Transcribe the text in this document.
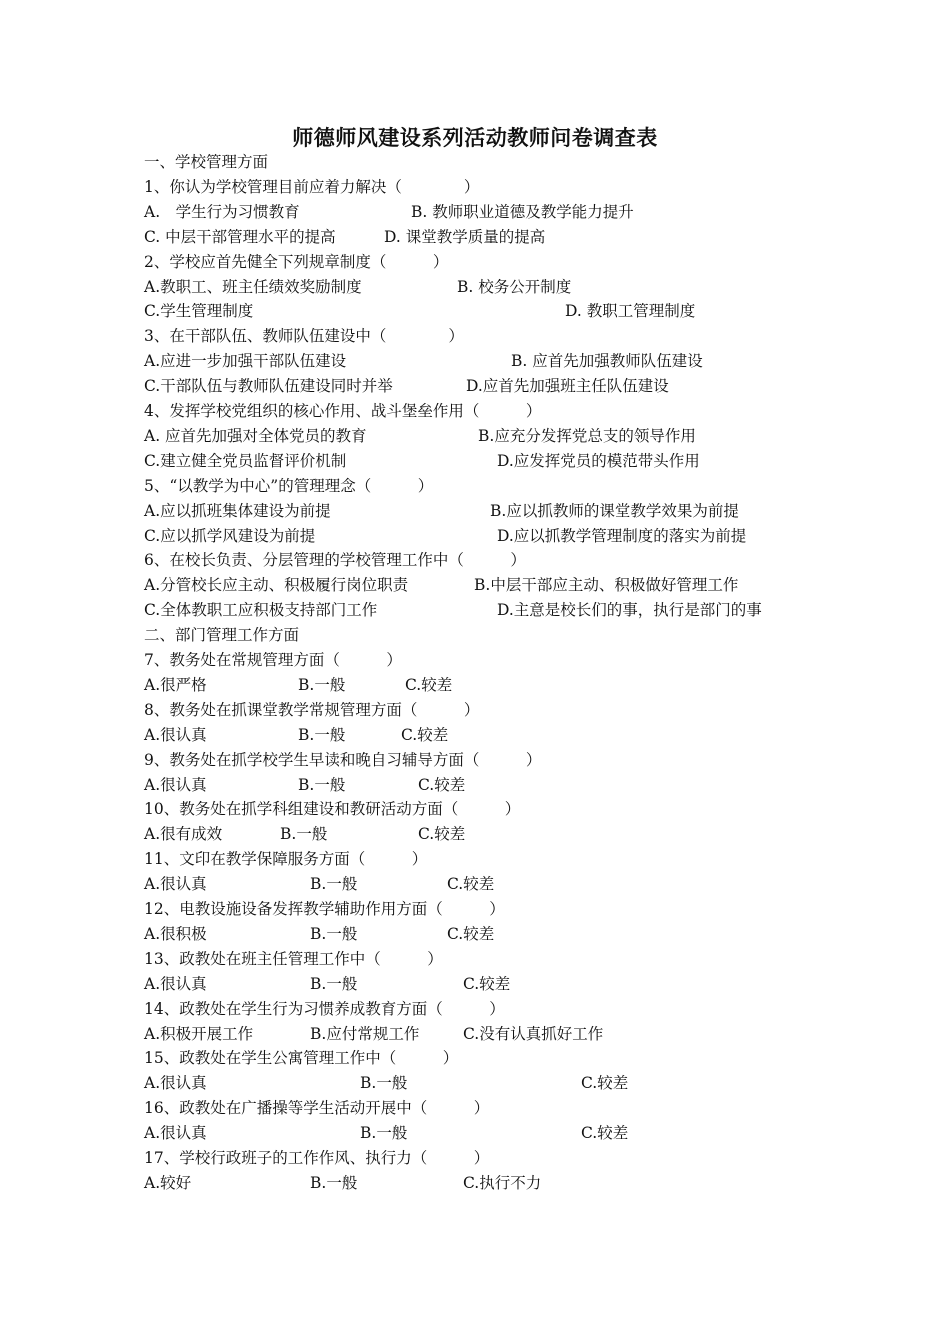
师德师风建设系列活动教师问卷调查表
一、学校管理方面
1、你认为学校管理目前应着力解决（　　　　）
A.　学生行为习惯教育	B. 教师职业道德及教学能力提升
C. 中层干部管理水平的提高	D. 课堂教学质量的提高
2、学校应首先健全下列规章制度（　　　）
A.教职工、班主任绩效奖励制度	B. 校务公开制度
C.学生管理制度	D. 教职工管理制度
3、在干部队伍、教师队伍建设中（　　　　）
A.应进一步加强干部队伍建设	B. 应首先加强教师队伍建设
C.干部队伍与教师队伍建设同时并举	D.应首先加强班主任队伍建设
4、发挥学校党组织的核心作用、战斗堡垒作用（　　　）
A. 应首先加强对全体党员的教育	B.应充分发挥党总支的领导作用
C.建立健全党员监督评价机制	D.应发挥党员的模范带头作用
5、“以教学为中心”的管理理念（　　　）
A.应以抓班集体建设为前提	B.应以抓教师的课堂教学效果为前提
C.应以抓学风建设为前提	D.应以抓教学管理制度的落实为前提
6、在校长负责、分层管理的学校管理工作中（　　　）
A.分管校长应主动、积极履行岗位职责	B.中层干部应主动、积极做好管理工作
C.全体教职工应积极支持部门工作	D.主意是校长们的事，执行是部门的事
二、部门管理工作方面
7、教务处在常规管理方面（　　　）
A.很严格	B.一般	C.较差
8、教务处在抓课堂教学常规管理方面（　　　）
A.很认真	B.一般	C.较差
9、教务处在抓学校学生早读和晚自习辅导方面（　　　）
A.很认真	B.一般	C.较差
10、教务处在抓学科组建设和教研活动方面（　　　）
A.很有成效	B.一般	C.较差
11、文印在教学保障服务方面（　　　）
A.很认真	B.一般	C.较差
12、电教设施设备发挥教学辅助作用方面（　　　）
A.很积极	B.一般	C.较差
13、政教处在班主任管理工作中（　　　）
A.很认真	B.一般	C.较差
14、政教处在学生行为习惯养成教育方面（　　　）
A.积极开展工作	B.应付常规工作	C.没有认真抓好工作
15、政教处在学生公寓管理工作中（　　　）
A.很认真	B.一般	C.较差
16、政教处在广播操等学生活动开展中（　　　）
A.很认真	B.一般	C.较差
17、学校行政班子的工作作风、执行力（　　　）
A.较好	B.一般	C.执行不力
